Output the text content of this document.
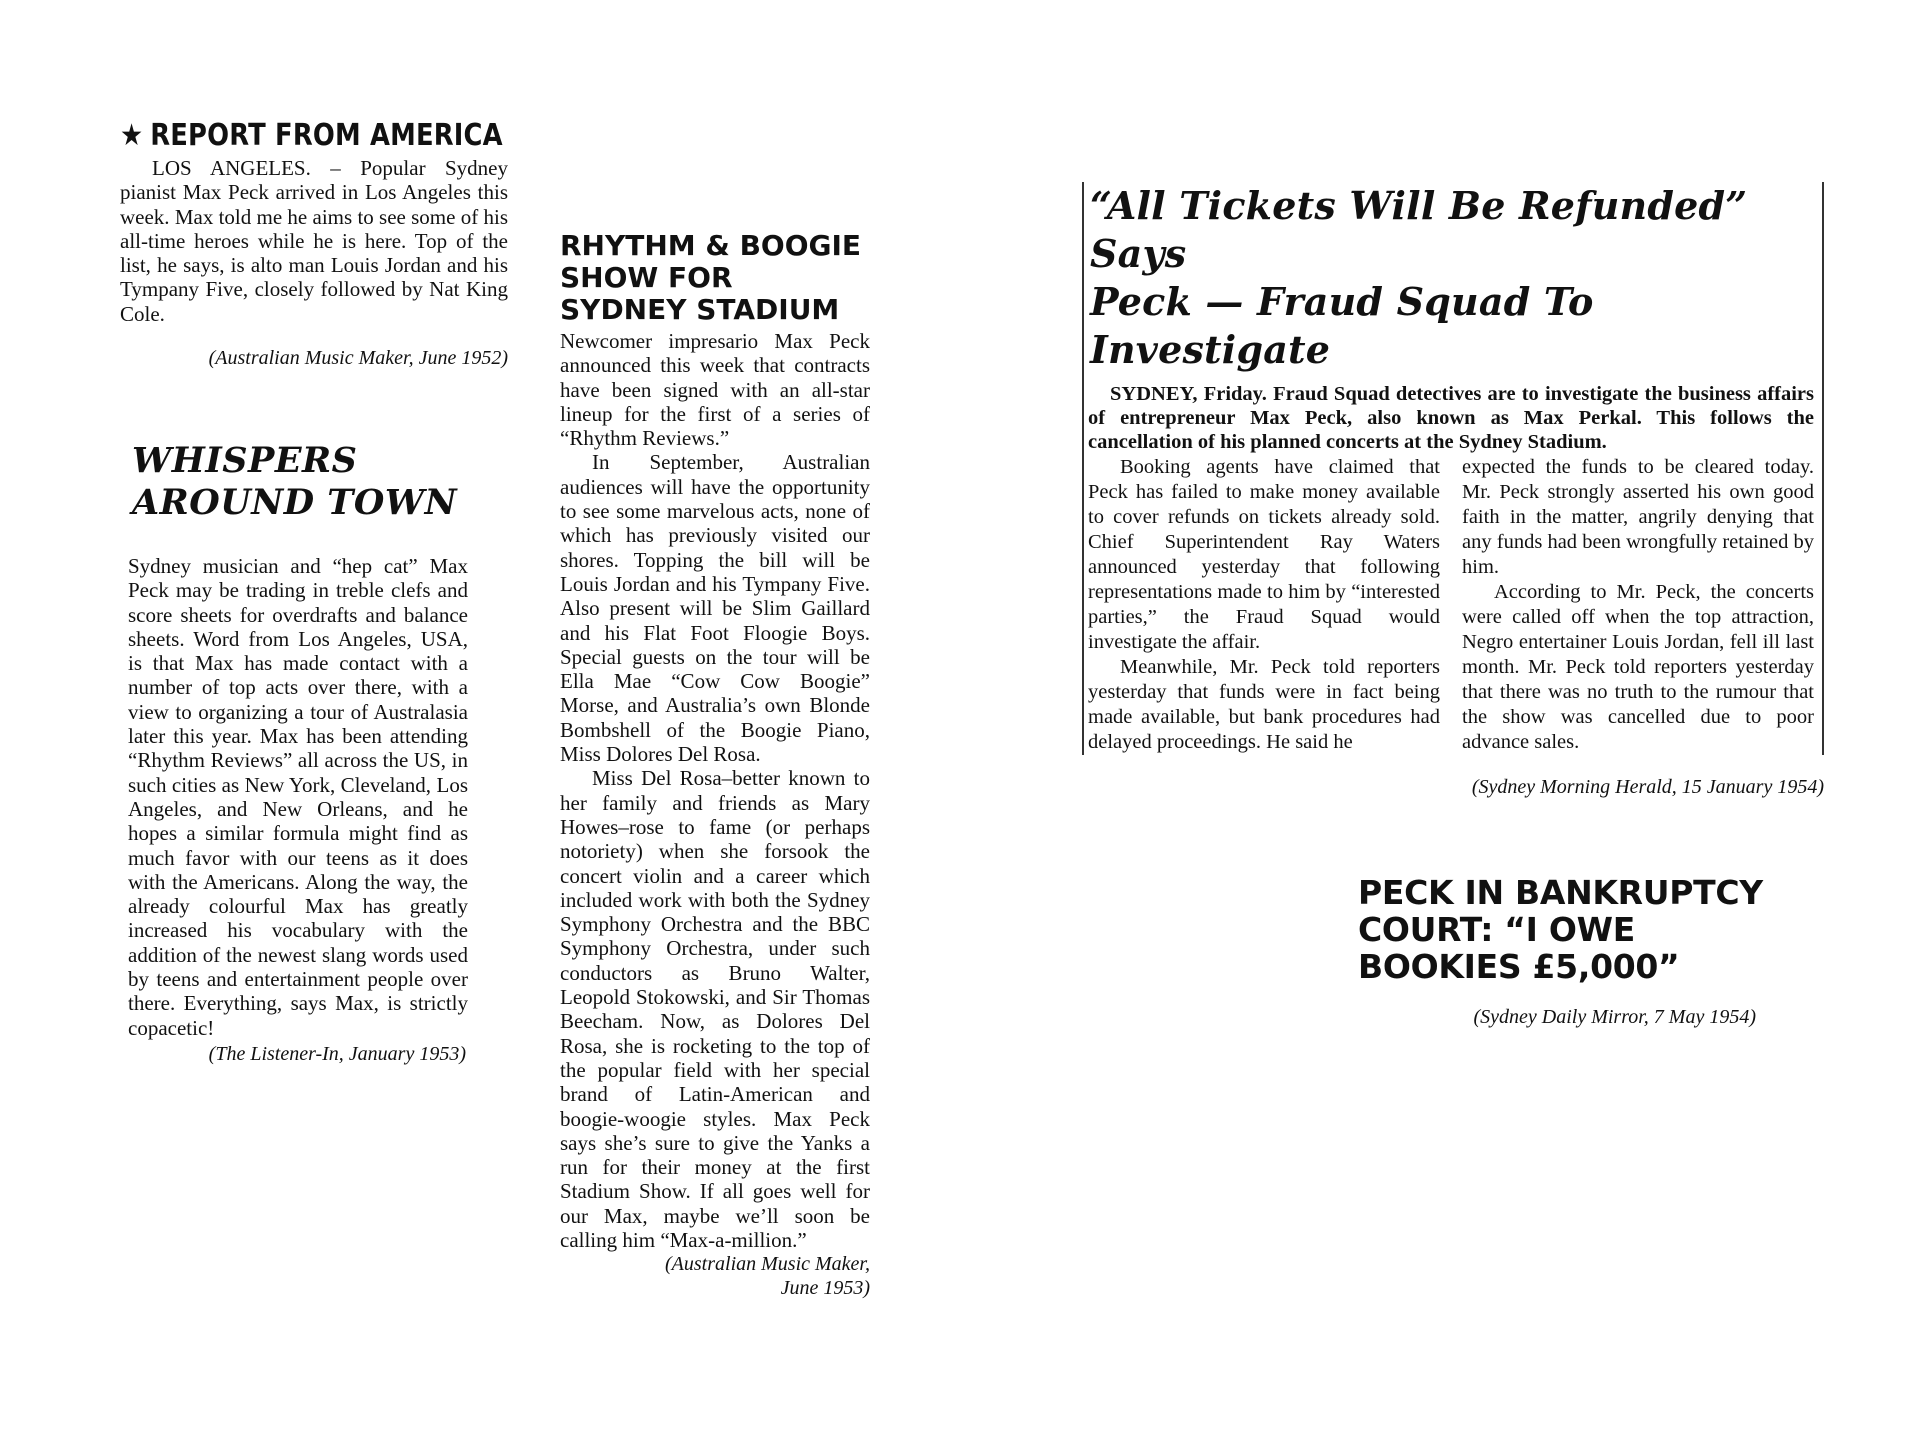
★ REPORT FROM AMERICA

LOS ANGELES. – Popular Sydney pianist Max Peck arrived in Los Angeles this week. Max told me he aims to see some of his all-time heroes while he is here. Top of the list, he says, is alto man Louis Jordan and his Tympany Five, closely followed by Nat King Cole.

(Australian Music Maker, June 1952)

WHISPERS
AROUND TOWN

Sydney musician and “hep cat” Max Peck may be trading in treble clefs and score sheets for overdrafts and balance sheets. Word from Los Angeles, USA, is that Max has made contact with a number of top acts over there, with a view to organizing a tour of Australasia later this year. Max has been attending “Rhythm Reviews” all across the US, in such cities as New York, Cleveland, Los Angeles, and New Orleans, and he hopes a similar formula might find as much favor with our teens as it does with the Americans. Along the way, the already colourful Max has greatly increased his vocabulary with the addition of the newest slang words used by teens and entertainment people over there. Everything, says Max, is strictly copacetic!

(The Listener-In, January 1953)

RHYTHM & BOOGIE
SHOW FOR
SYDNEY STADIUM

Newcomer impresario Max Peck announced this week that contracts have been signed with an all-star lineup for the first of a series of “Rhythm Reviews.”

In September, Australian audiences will have the opportunity to see some marvelous acts, none of which has previously visited our shores. Topping the bill will be Louis Jordan and his Tympany Five. Also present will be Slim Gaillard and his Flat Foot Floogie Boys. Special guests on the tour will be Ella Mae “Cow Cow Boogie” Morse, and Australia’s own Blonde Bombshell of the Boogie Piano, Miss Dolores Del Rosa.

Miss Del Rosa–better known to her family and friends as Mary Howes–rose to fame (or perhaps notoriety) when she forsook the concert violin and a career which included work with both the Sydney Symphony Orchestra and the BBC Symphony Orchestra, under such conductors as Bruno Walter, Leopold Stokowski, and Sir Thomas Beecham. Now, as Dolores Del Rosa, she is rocketing to the top of the popular field with her special brand of Latin-American and boogie-woogie styles. Max Peck says she’s sure to give the Yanks a run for their money at the first Stadium Show. If all goes well for our Max, maybe we’ll soon be calling him “Max-a-million.”

(Australian Music Maker,

June 1953)

“All Tickets Will Be Refunded” Says
Peck — Fraud Squad To Investigate

SYDNEY, Friday. Fraud Squad detectives are to investigate the business affairs of entrepreneur Max Peck, also known as Max Perkal. This follows the cancellation of his planned concerts at the Sydney Stadium.

Booking agents have claimed that Peck has failed to make money available to cover refunds on tickets already sold. Chief Superintendent Ray Waters announced yesterday that following representations made to him by “interested parties,” the Fraud Squad would investigate the affair.

Meanwhile, Mr. Peck told reporters yesterday that funds were in fact being made available, but bank procedures had delayed proceedings. He said he

expected the funds to be cleared today. Mr. Peck strongly asserted his own good faith in the matter, angrily denying that any funds had been wrongfully retained by him.

According to Mr. Peck, the concerts were called off when the top attraction, Negro entertainer Louis Jordan, fell ill last month. Mr. Peck told reporters yesterday that there was no truth to the rumour that the show was cancelled due to poor advance sales.

(Sydney Morning Herald, 15 January 1954)

PECK IN BANKRUPTCY
COURT: “I OWE
BOOKIES £5,000”

(Sydney Daily Mirror, 7 May 1954)
